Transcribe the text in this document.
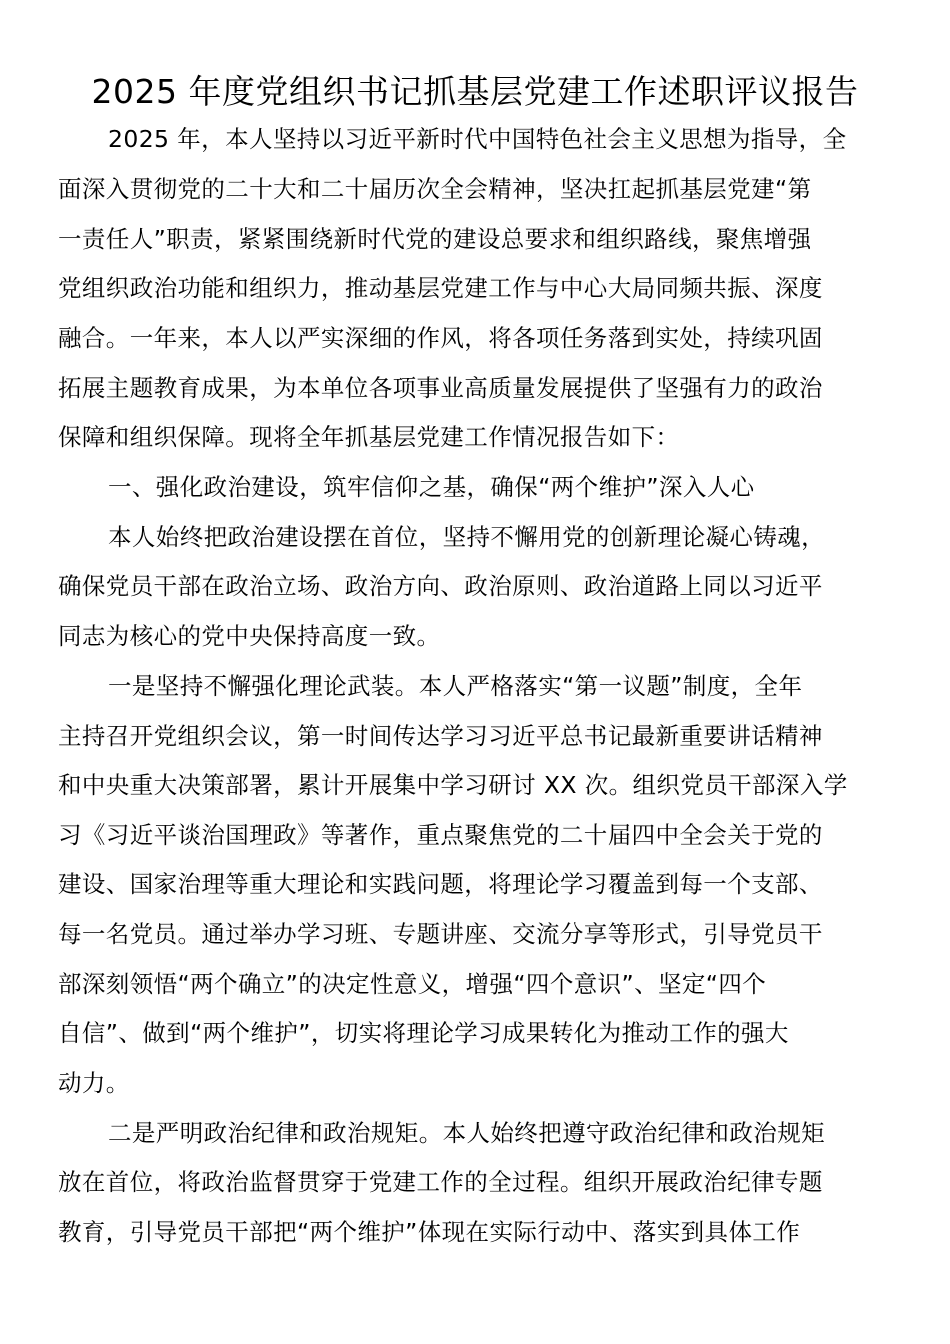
2025 年度党组织书记抓基层党建工作述职评议报告
2025 年，本人坚持以习近平新时代中国特色社会主义思想为指导，全
面深入贯彻党的二十大和二十届历次全会精神，坚决扛起抓基层党建“第
一责任人”职责，紧紧围绕新时代党的建设总要求和组织路线，聚焦增强
党组织政治功能和组织力，推动基层党建工作与中心大局同频共振、深度
融合。一年来，本人以严实深细的作风，将各项任务落到实处，持续巩固
拓展主题教育成果，为本单位各项事业高质量发展提供了坚强有力的政治
保障和组织保障。现将全年抓基层党建工作情况报告如下：
一、强化政治建设，筑牢信仰之基，确保“两个维护”深入人心
本人始终把政治建设摆在首位，坚持不懈用党的创新理论凝心铸魂，
确保党员干部在政治立场、政治方向、政治原则、政治道路上同以习近平
同志为核心的党中央保持高度一致。
一是坚持不懈强化理论武装。本人严格落实“第一议题”制度，全年
主持召开党组织会议，第一时间传达学习习近平总书记最新重要讲话精神
和中央重大决策部署，累计开展集中学习研讨 XX 次。组织党员干部深入学
习《习近平谈治国理政》等著作，重点聚焦党的二十届四中全会关于党的
建设、国家治理等重大理论和实践问题，将理论学习覆盖到每一个支部、
每一名党员。通过举办学习班、专题讲座、交流分享等形式，引导党员干
部深刻领悟“两个确立”的决定性意义，增强“四个意识”、坚定“四个
自信”、做到“两个维护”，切实将理论学习成果转化为推动工作的强大
动力。
二是严明政治纪律和政治规矩。本人始终把遵守政治纪律和政治规矩
放在首位，将政治监督贯穿于党建工作的全过程。组织开展政治纪律专题
教育，引导党员干部把“两个维护”体现在实际行动中、落实到具体工作
